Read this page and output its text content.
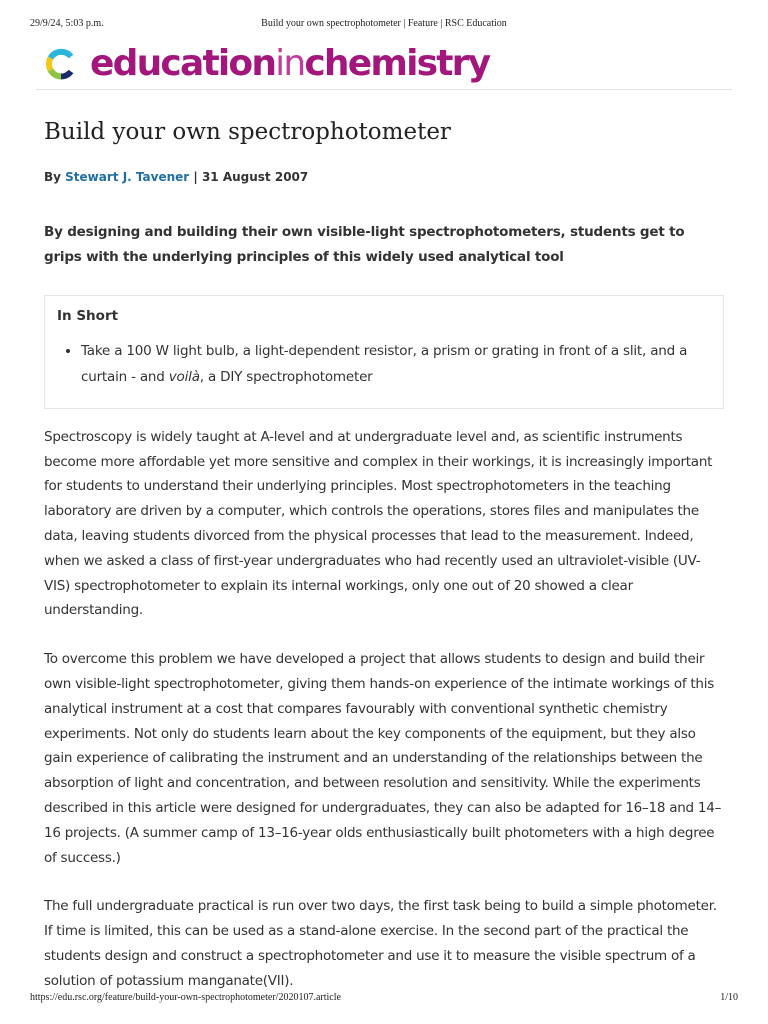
29/9/24, 5:03 p.m.	Build your own spectrophotometer | Feature | RSC Education
educationinchemistry
Build your own spectrophotometer
By Stewart J. Tavener | 31 August 2007
By designing and building their own visible-light spectrophotometers, students get to grips with the underlying principles of this widely used analytical tool
In Short
• Take a 100 W light bulb, a light-dependent resistor, a prism or grating in front of a slit, and a curtain - and voilà, a DIY spectrophotometer

Spectroscopy is widely taught at A-level and at undergraduate level and, as scientific instruments become more affordable yet more sensitive and complex in their workings, it is increasingly important for students to understand their underlying principles. Most spectrophotometers in the teaching laboratory are driven by a computer, which controls the operations, stores files and manipulates the data, leaving students divorced from the physical processes that lead to the measurement. Indeed, when we asked a class of first-year undergraduates who had recently used an ultraviolet-visible (UV-VIS) spectrophotometer to explain its internal workings, only one out of 20 showed a clear understanding.

To overcome this problem we have developed a project that allows students to design and build their own visible-light spectrophotometer, giving them hands-on experience of the intimate workings of this analytical instrument at a cost that compares favourably with conventional synthetic chemistry experiments. Not only do students learn about the key components of the equipment, but they also gain experience of calibrating the instrument and an understanding of the relationships between the absorption of light and concentration, and between resolution and sensitivity. While the experiments described in this article were designed for undergraduates, they can also be adapted for 16–18 and 14–16 projects. (A summer camp of 13–16-year olds enthusiastically built photometers with a high degree of success.)

The full undergraduate practical is run over two days, the first task being to build a simple photometer. If time is limited, this can be used as a stand-alone exercise. In the second part of the practical the students design and construct a spectrophotometer and use it to measure the visible spectrum of a solution of potassium manganate(VII).

https://edu.rsc.org/feature/build-your-own-spectrophotometer/2020107.article	1/10
